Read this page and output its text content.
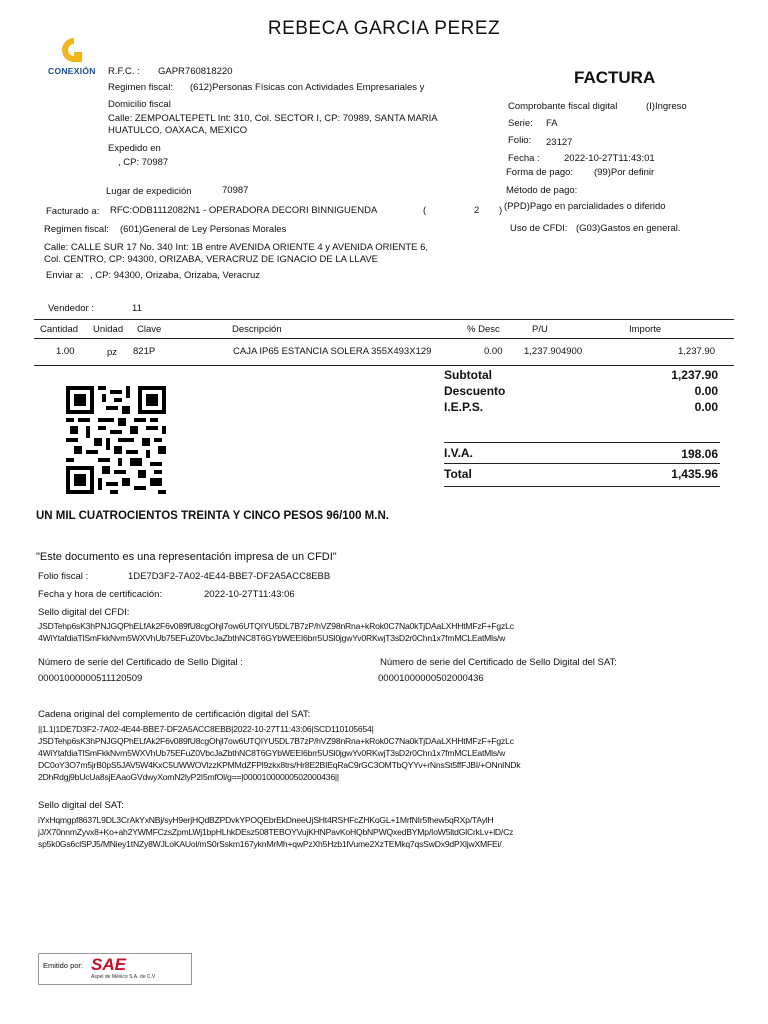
REBECA GARCIA PEREZ
CONEXIÓN	FACTURA
R.F.C. : GAPR760818220
Regimen fiscal: (612)Personas Físicas con Actividades Empresariales y
Domicilio fiscal
Calle: ZEMPOALTEPETL Int: 310, Col. SECTOR I, CP: 70989, SANTA MARIA
HUATULCO, OAXACA, MEXICO
Expedido en
, CP: 70987
Lugar de expedición	70987
Comprobante fiscal digital	(I)Ingreso
Serie: FA
Folio: 23127
Fecha :	2022-10-27T11:43:01
Forma de pago: (99)Por definir
Método de pago:
(PPD)Pago en parcialidades o diferido
Uso de CFDI: (G03)Gastos en general.
Facturado a: RFC:ODB1112082N1 - OPERADORA DECORI BINNIGUENDA	(	2 )
Regimen fiscal: (601)General de Ley Personas Morales
Calle: CALLE SUR 17 No. 340 Int: 1B entre AVENIDA ORIENTE 4 y AVENIDA ORIENTE 6,
Col. CENTRO, CP: 94300, ORIZABA, VERACRUZ DE IGNACIO DE LA LLAVE
Enviar a: , CP: 94300, Orizaba, Orizaba, Veracruz
Vendedor :	11
Cantidad Unidad Clave	Descripción	% Desc	P/U	Importe
1.00	pz 821P	CAJA IP65 ESTANCIA SOLERA 355X493X129	0.00 1,237.904900	1,237.90
Subtotal	1,237.90
Descuento	0.00
I.E.P.S.	0.00
I.V.A.	198.06
Total	1,435.96
UN MIL CUATROCIENTOS TREINTA Y CINCO PESOS 96/100 M.N.
"Este documento es una representación impresa de un CFDI"
Folio fiscal :	1DE7D3F2-7A02-4E44-BBE7-DF2A5ACC8EBB
Fecha y hora de certificación:	2022-10-27T11:43:06
Sello digital del CFDI:
JSDTehp6sK3hPNJGQPhELfAk2F6v089fU8cgOhjl7ow6UTQIYU5DL7B7zP/hVZ98nRna+kRok0C7Na0kTjDAaLXHHtMFzF+FgzLc
4WiYtafdiaTlSmFkkNvm5WXVhUb75EFuZ0VbcJaZbthNC8T6GYbWEEI6brr5USl0jgwYv0RKwjT3sD2r0Chn1x7fmMCLEatMls/w
Número de serie del Certificado de Sello Digital :
00001000000511120509
Número de serie del Certificado de Sello Digital del SAT:
00001000000502000436
Cadena original del complemento de certificación digital del SAT:
||1.1|1DE7D3F2-7A02-4E44-BBE7-DF2A5ACC8EBB|2022-10-27T11:43:06|SCD110105654|
JSDTehp6sK3hPNJGQPhELfAk2F6v089fU8cgOhjl7ow6UTQIYU5DL7B7zP/hVZ98nRna+kRok0C7Na0kTjDAaLXHHtMFzF+FgzLc
4WiYtafdiaTlSmFkkNvm5WXVhUb75EFuZ0VbcJaZbthNC8T6GYbWEEI6brr5USl0jgwYv0RKwjT3sD2r0Chn1x7fmMCLEatMls/w
DC0oY3O7m5jrB0pS5JAV5W4KxC5UWWOVlzzKPMMdZFPl9zkx8trs/Hr8E2BIEqRaC9rGC3OMTbQYYv+rNnsSt5ffFJBI/+ONnINDk
2DhRdgj9bUcUa8sjEAaoGVdwyXomN2lyP2I5mfOl/g==|00001000000502000436||
Sello digital del SAT:
iYxHqmgpf8637L9DL3CrAkYxNBj/syH9erjHQdBZPDvkYPOQEbrEkDneeUjSHt4RSHFcZHKoGL+1MrfNIr5fhew5qRXp/TAylH
jJ/X70nnmZyvx8+Ko+ah2YWMFCzsZpmLWj1bpHLhkDEsz508TEBOYVujKHNPavKoHQbNPWQxedBYMp/IoW5ltdGlCrkLv+lD/Cz
sp5k0Gs6clSPJ5/MNiey1tNZy8WJLoKAUol/mS0rSskm167yknMrMh+qwPzXh5Hzb1lVume2XzTEMkq7qsSwDx9dPXljwXMFEi/
Emitido por: SAE
Aspel de México S.A. de C.V.
